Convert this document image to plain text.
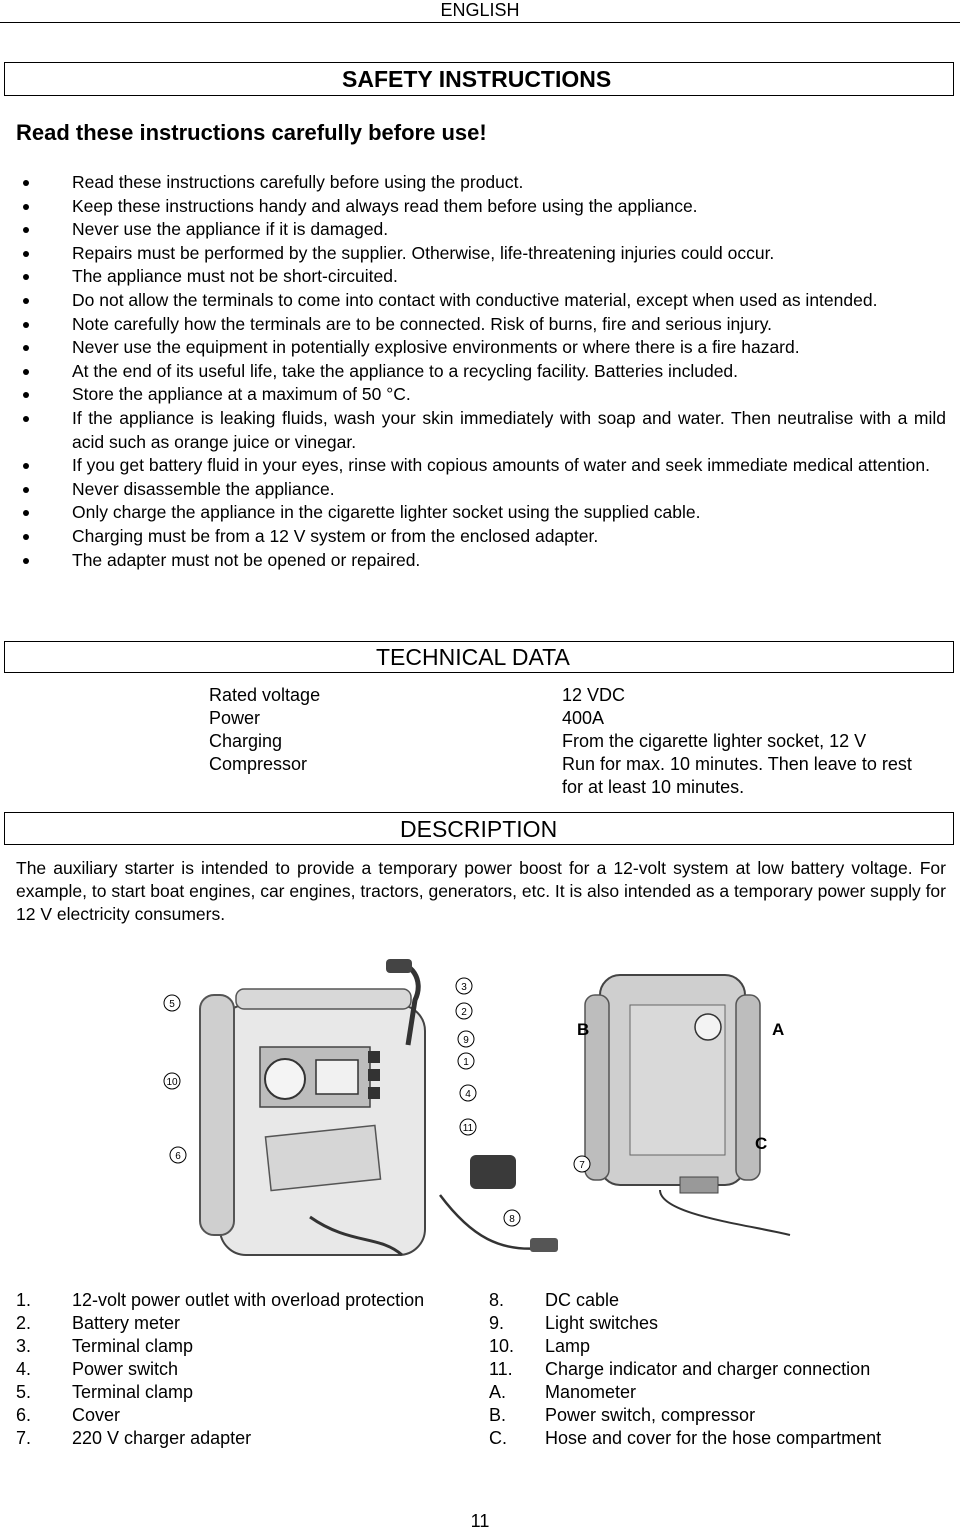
ENGLISH
SAFETY INSTRUCTIONS
Read these instructions carefully before use!
Read these instructions carefully before using the product.
Keep these instructions handy and always read them before using the appliance.
Never use the appliance if it is damaged.
Repairs must be performed by the supplier. Otherwise, life-threatening injuries could occur.
The appliance must not be short-circuited.
Do not allow the terminals to come into contact with conductive material, except when used as intended.
Note carefully how the terminals are to be connected. Risk of burns, fire and serious injury.
Never use the equipment in potentially explosive environments or where there is a fire hazard.
At the end of its useful life, take the appliance to a recycling facility. Batteries included.
Store the appliance at a maximum of 50 °C.
If the appliance is leaking fluids, wash your skin immediately with soap and water. Then neutralise with a mild acid such as orange juice or vinegar.
If you get battery fluid in your eyes, rinse with copious amounts of water and seek immediate medical attention.
Never disassemble the appliance.
Only charge the appliance in the cigarette lighter socket using the supplied cable.
Charging must be from a 12 V system or from the enclosed adapter.
The adapter must not be opened or repaired.
TECHNICAL DATA
Rated voltage	12 VDC
Power	400A
Charging	From the cigarette lighter socket, 12 V
Compressor	Run for max. 10 minutes. Then leave to rest for at least 10 minutes.
DESCRIPTION

The auxiliary starter is intended to provide a temporary power boost for a 12-volt system at low battery voltage. For example, to start boat engines, car engines, tractors, generators, etc. It is also intended as a temporary power supply for 12 V electricity consumers.

5
10
6
3
2
9
1
4
11
7
8
B	A
C
1. 12-volt power outlet with overload protection
2. Battery meter
3. Terminal clamp
4. Power switch
5. Terminal clamp
6. Cover
7. 220 V charger adapter
8. DC cable
9. Light switches
10. Lamp
11. Charge indicator and charger connection
A. Manometer
B. Power switch, compressor
C. Hose and cover for the hose compartment
11
